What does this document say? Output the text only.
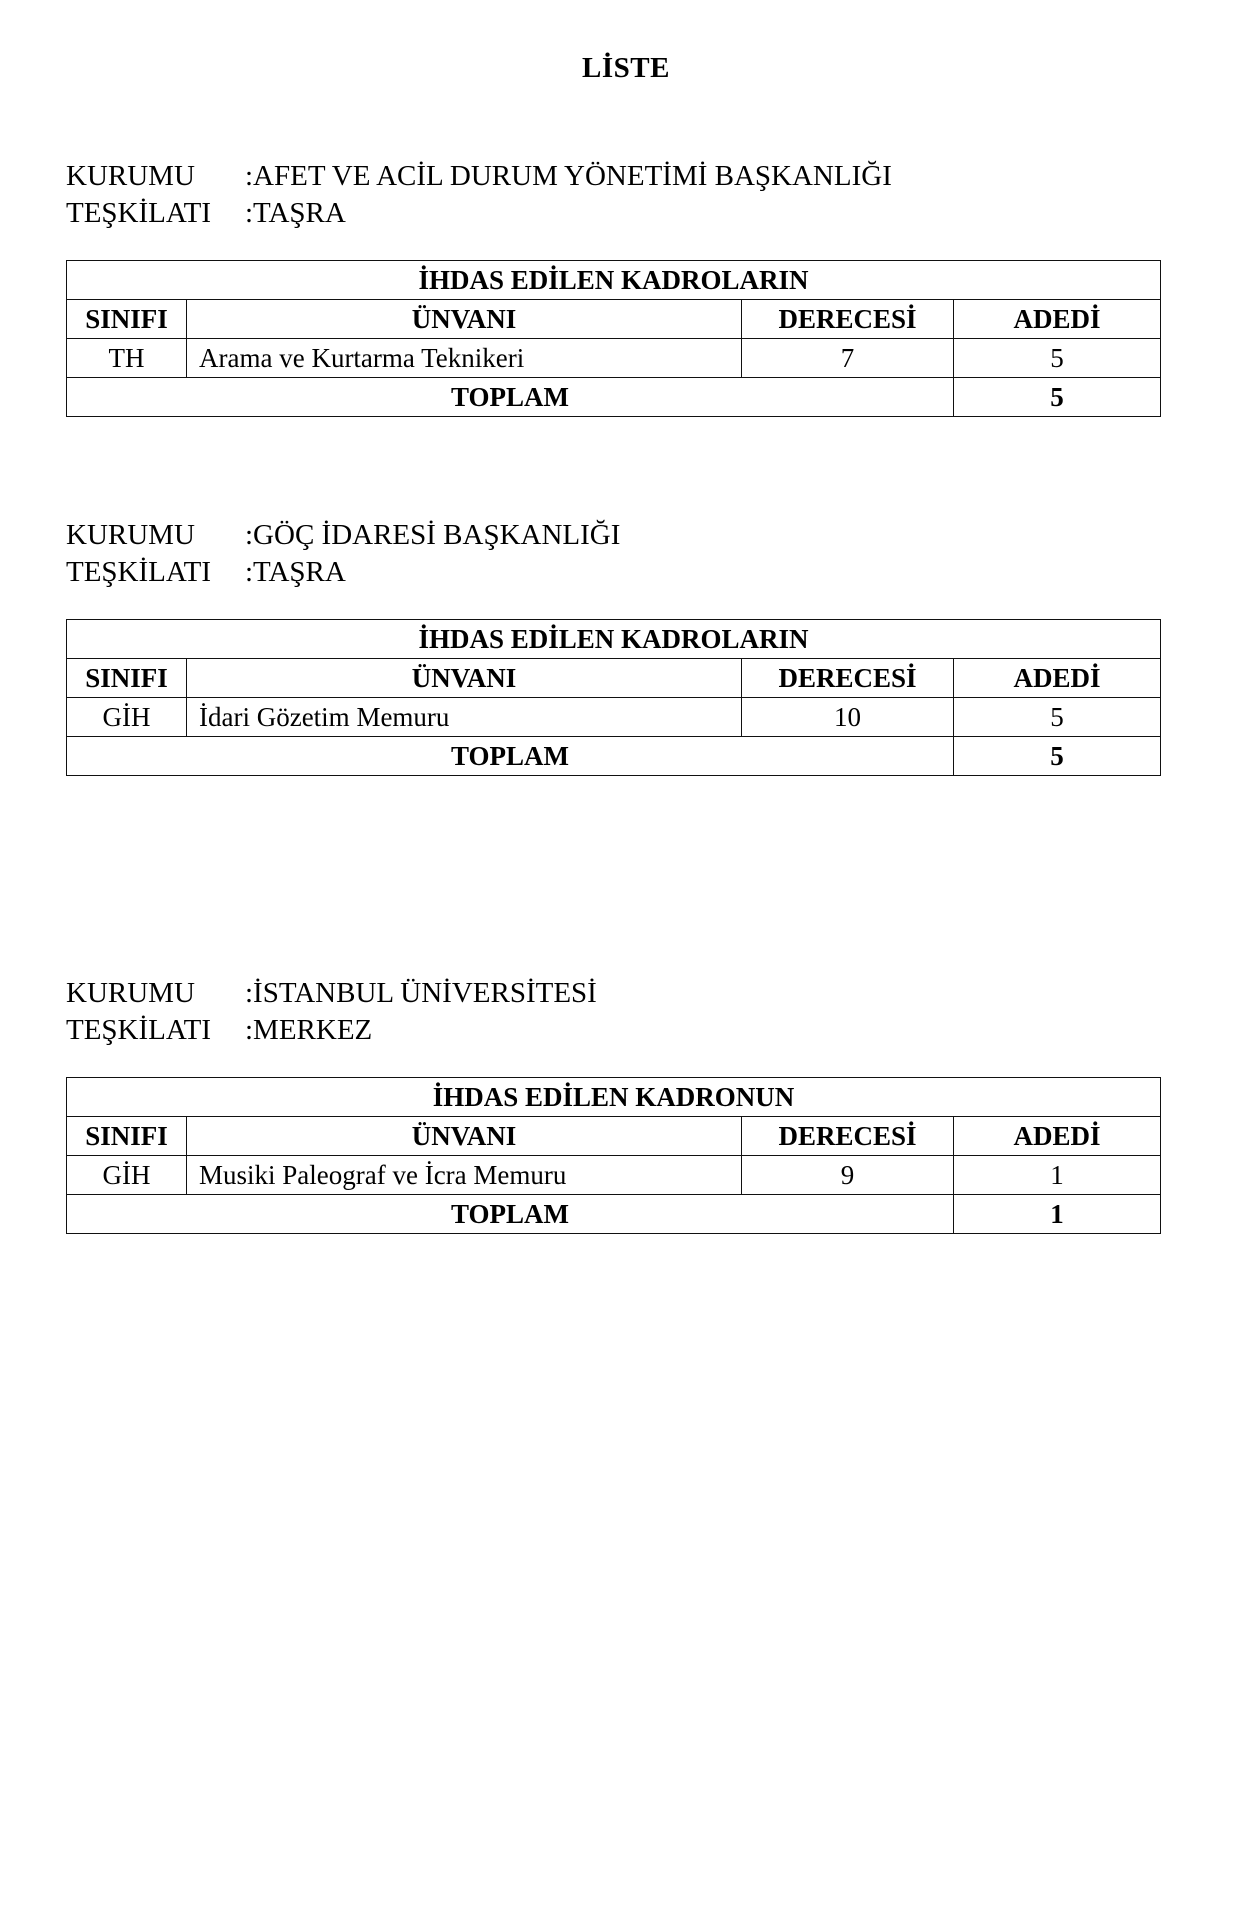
LİSTE
KURUMU :AFET VE ACİL DURUM YÖNETİMİ BAŞKANLIĞI
TEŞKİLATI :TAŞRA
İHDAS EDİLEN KADROLARIN			
SINIFI	ÜNVANI	DERECESİ	ADEDİ
TH	Arama ve Kurtarma Teknikeri	7	5
TOPLAM			5
KURUMU :GÖÇ İDARESİ BAŞKANLIĞI
TEŞKİLATI :TAŞRA
İHDAS EDİLEN KADROLARIN			
SINIFI	ÜNVANI	DERECESİ	ADEDİ
GİH	İdari Gözetim Memuru	10	5
TOPLAM			5
KURUMU :İSTANBUL ÜNİVERSİTESİ
TEŞKİLATI :MERKEZ
İHDAS EDİLEN KADRONUN			
SINIFI	ÜNVANI	DERECESİ	ADEDİ
GİH	Musiki Paleograf ve İcra Memuru	9	1
TOPLAM			1
